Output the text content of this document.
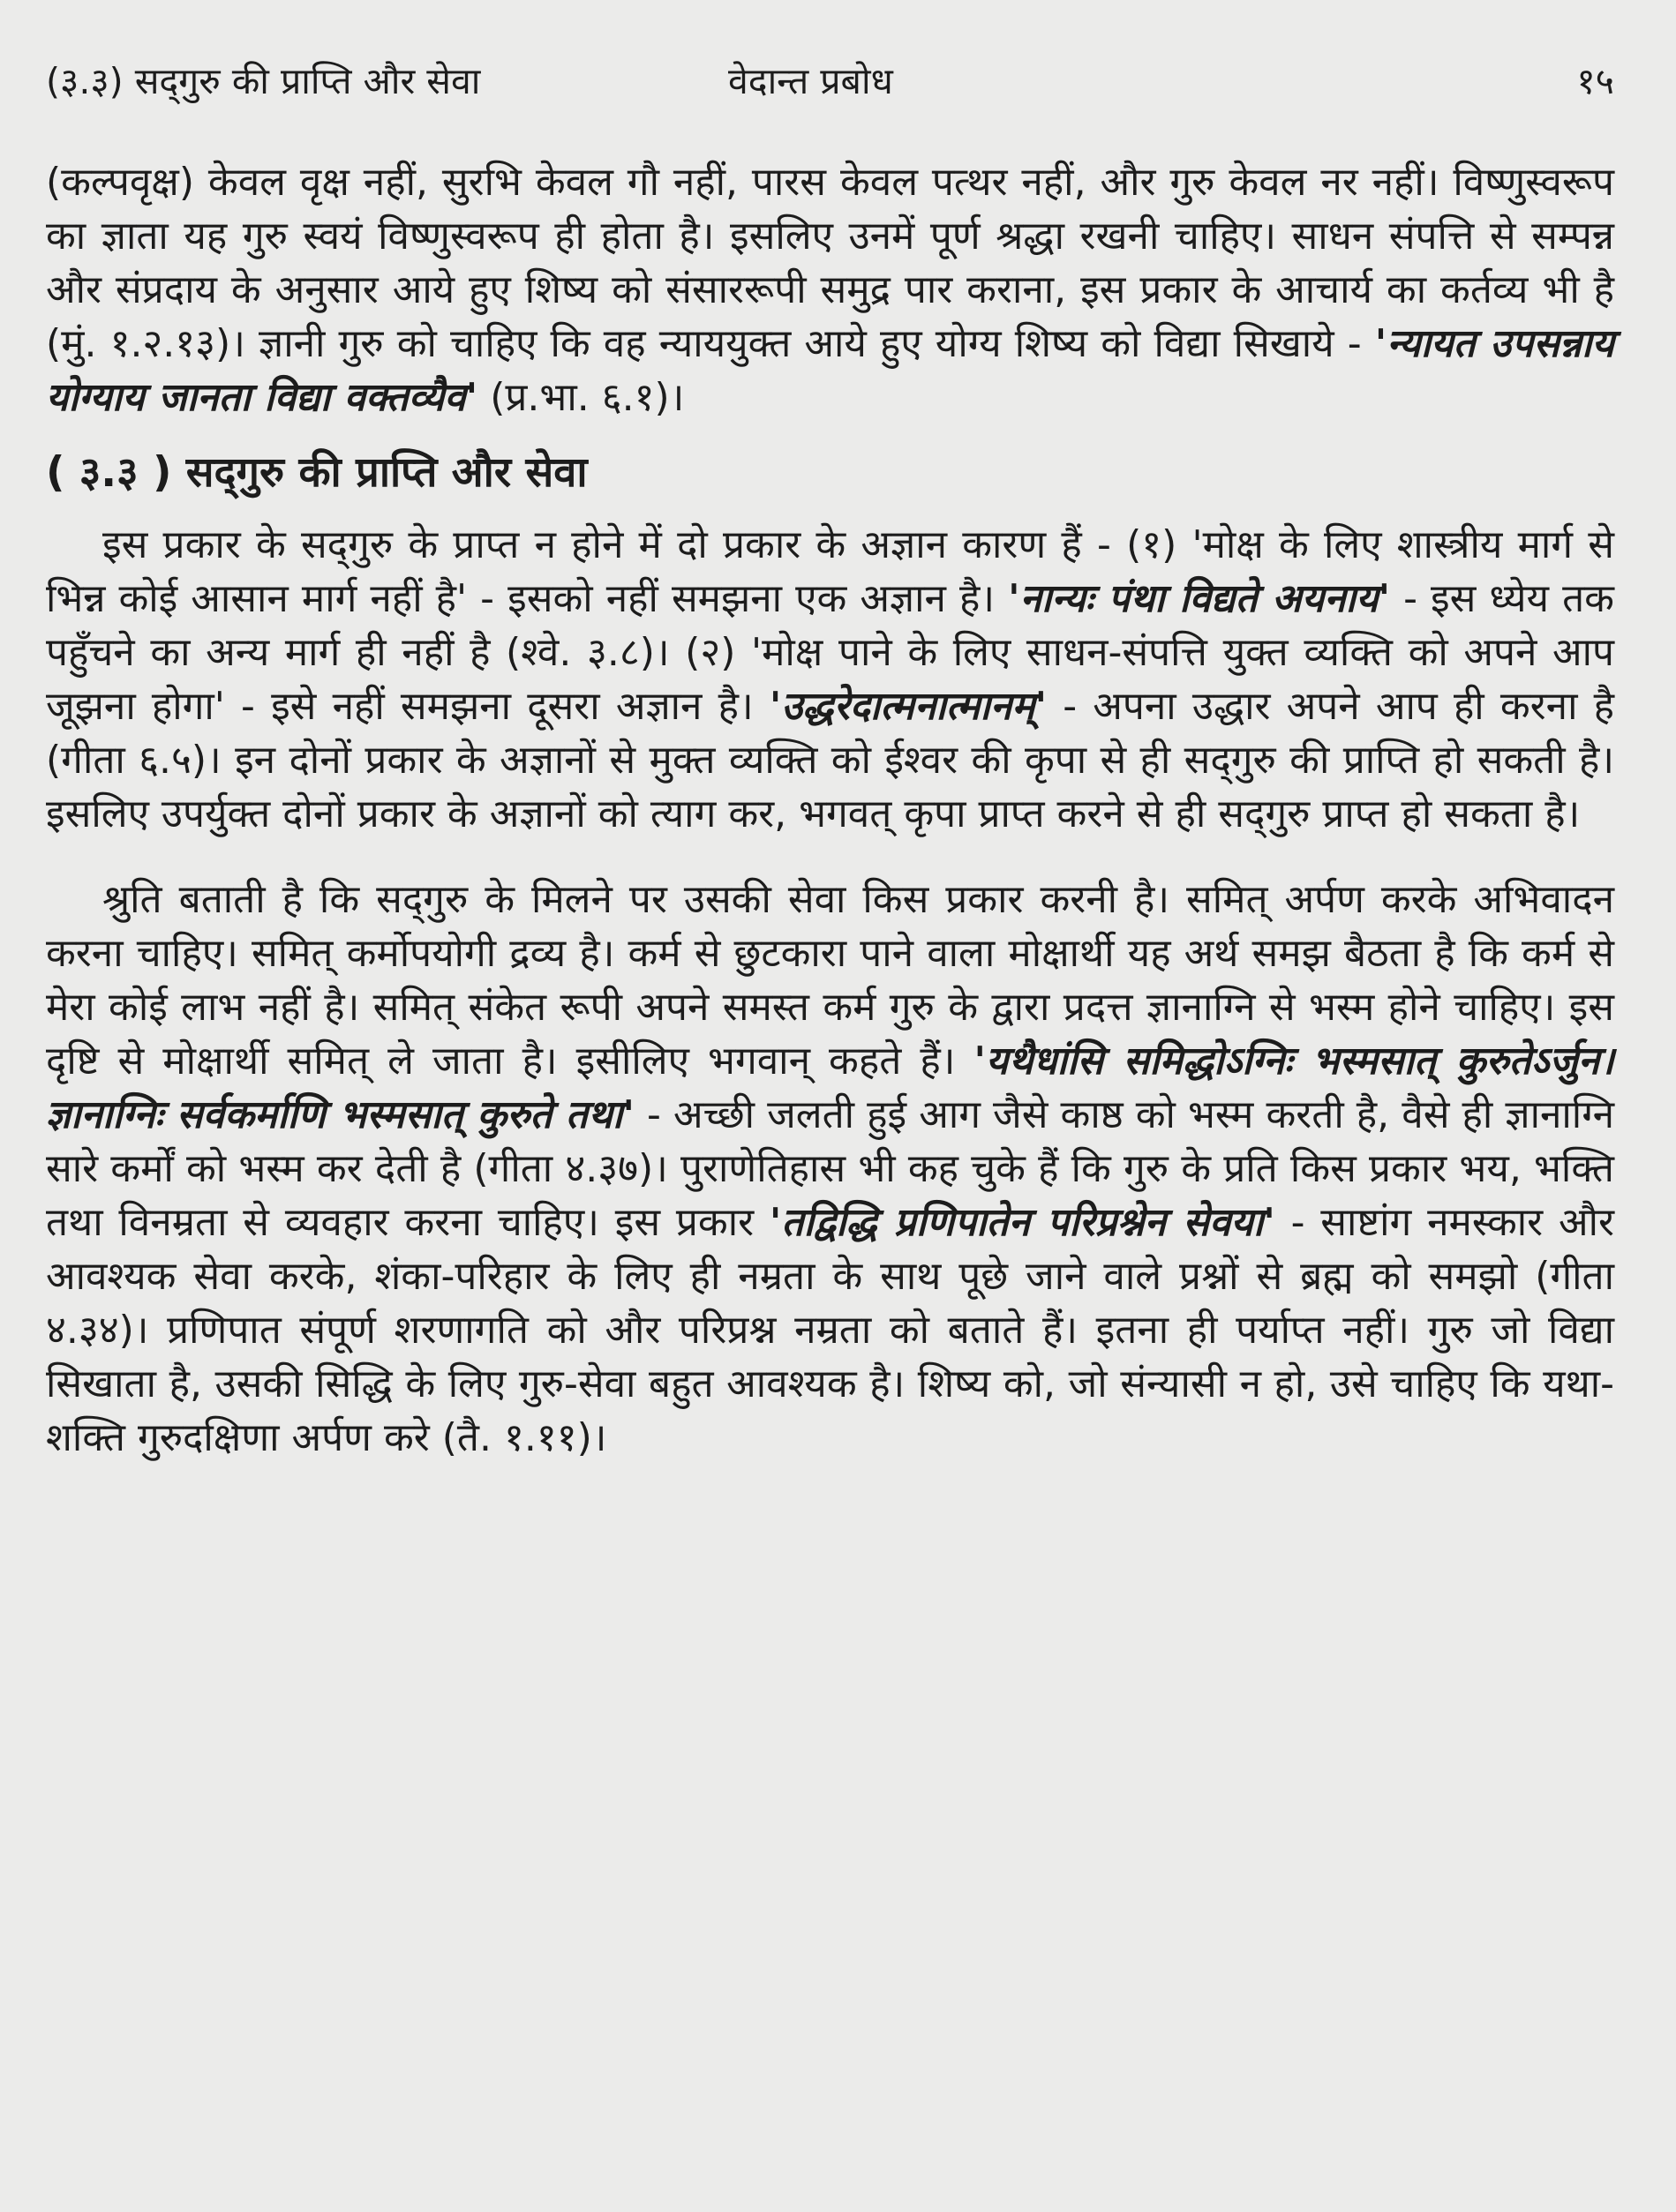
(३.३) सद्‌गुरु की प्राप्ति और सेवा	वेदान्त प्रबोध	१५

(कल्पवृक्ष) केवल वृक्ष नहीं, सुरभि केवल गौ नहीं, पारस केवल पत्थर नहीं, और गुरु केवल नर नहीं। विष्णुस्वरूप का ज्ञाता यह गुरु स्वयं विष्णुस्वरूप ही होता है। इसलिए उनमें पूर्ण श्रद्धा रखनी चाहिए। साधन संपत्ति से सम्पन्न और संप्रदाय के अनुसार आये हुए शिष्य को संसाररूपी समुद्र पार कराना, इस प्रकार के आचार्य का कर्तव्य भी है (मुं. १.२.१३)। ज्ञानी गुरु को चाहिए कि वह न्याययुक्त आये हुए योग्य शिष्य को विद्या सिखाये - 'न्यायत उपसन्नाय योग्याय जानता विद्या वक्तव्यैव' (प्र.भा. ६.१)।

( ३.३ ) सद्‌गुरु की प्राप्ति और सेवा

इस प्रकार के सद्‌गुरु के प्राप्त न होने में दो प्रकार के अज्ञान कारण हैं - (१) 'मोक्ष के लिए शास्त्रीय मार्ग से भिन्न कोई आसान मार्ग नहीं है' - इसको नहीं समझना एक अज्ञान है। 'नान्यः पंथा विद्यते अयनाय' - इस ध्येय तक पहुँचने का अन्य मार्ग ही नहीं है (श्वे. ३.८)। (२) 'मोक्ष पाने के लिए साधन-संपत्ति युक्त व्यक्ति को अपने आप जूझना होगा' - इसे नहीं समझना दूसरा अज्ञान है। 'उद्धरेदात्मनात्मानम्' - अपना उद्धार अपने आप ही करना है (गीता ६.५)। इन दोनों प्रकार के अज्ञानों से मुक्त व्यक्ति को ईश्वर की कृपा से ही सद्‌गुरु की प्राप्ति हो सकती है। इसलिए उपर्युक्त दोनों प्रकार के अज्ञानों को त्याग कर, भगवत् कृपा प्राप्त करने से ही सद्‌गुरु प्राप्त हो सकता है।

श्रुति बताती है कि सद्‌गुरु के मिलने पर उसकी सेवा किस प्रकार करनी है। समित् अर्पण करके अभिवादन करना चाहिए। समित् कर्मोपयोगी द्रव्य है। कर्म से छुटकारा पाने वाला मोक्षार्थी यह अर्थ समझ बैठता है कि कर्म से मेरा कोई लाभ नहीं है। समित् संकेत रूपी अपने समस्त कर्म गुरु के द्वारा प्रदत्त ज्ञानाग्नि से भस्म होने चाहिए। इस दृष्टि से मोक्षार्थी समित् ले जाता है। इसीलिए भगवान् कहते हैं। 'यथैधांसि समिद्धोऽग्निः भस्मसात् कुरुतेऽर्जुन। ज्ञानाग्निः सर्वकर्माणि भस्मसात् कुरुते तथा' - अच्छी जलती हुई आग जैसे काष्ठ को भस्म करती है, वैसे ही ज्ञानाग्नि सारे कर्मों को भस्म कर देती है (गीता ४.३७)। पुराणेतिहास भी कह चुके हैं कि गुरु के प्रति किस प्रकार भय, भक्ति तथा विनम्रता से व्यवहार करना चाहिए। इस प्रकार 'तद्विद्धि प्रणिपातेन परिप्रश्नेन सेवया' - साष्टांग नमस्कार और आवश्यक सेवा करके, शंका-परिहार के लिए ही नम्रता के साथ पूछे जाने वाले प्रश्नों से ब्रह्म को समझो (गीता ४.३४)। प्रणिपात संपूर्ण शरणागति को और परिप्रश्न नम्रता को बताते हैं। इतना ही पर्याप्त नहीं। गुरु जो विद्या सिखाता है, उसकी सिद्धि के लिए गुरु-सेवा बहुत आवश्यक है। शिष्य को, जो संन्यासी न हो, उसे चाहिए कि यथा-शक्ति गुरुदक्षिणा अर्पण करे (तै. १.११)।
